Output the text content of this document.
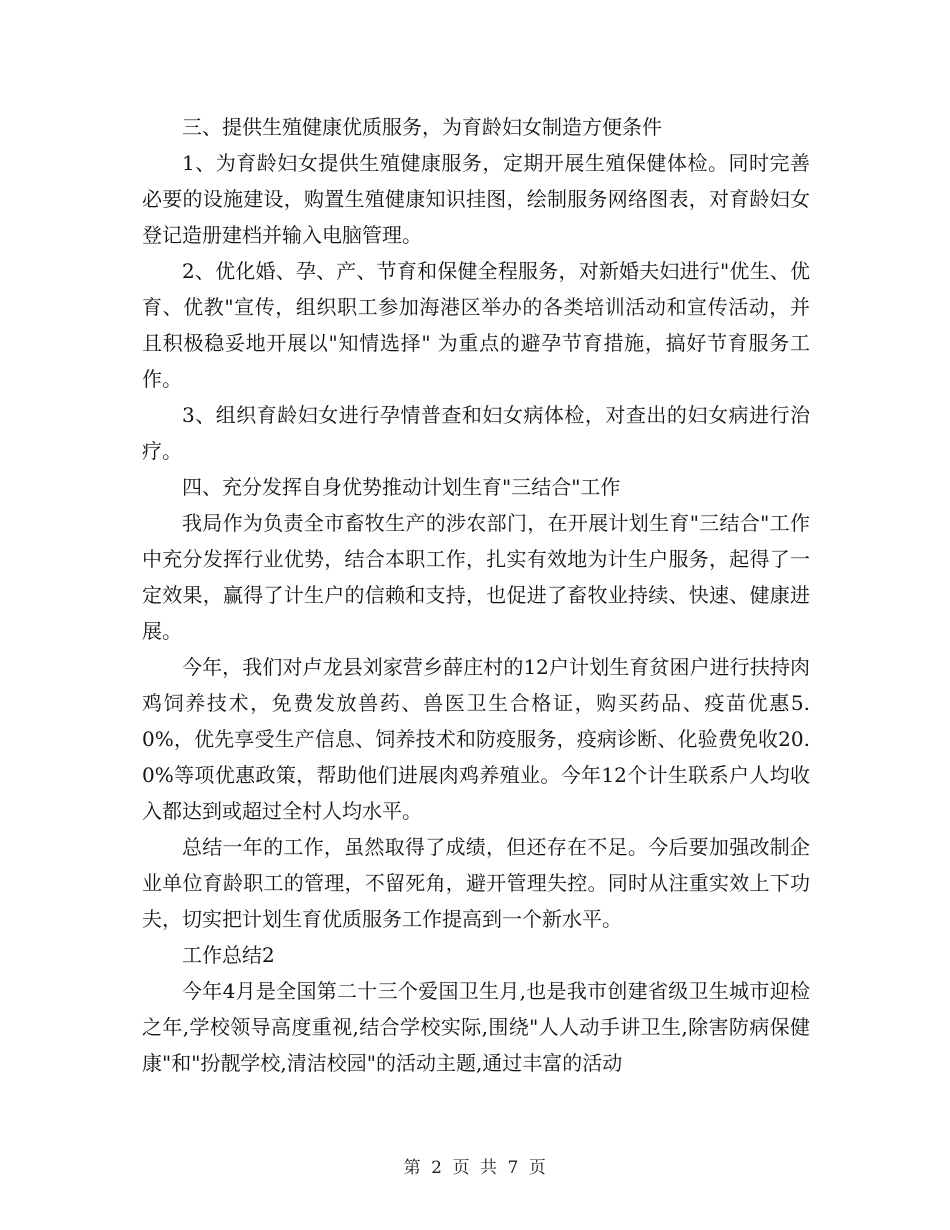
三、提供生殖健康优质服务，为育龄妇女制造方便条件

1、为育龄妇女提供生殖健康服务，定期开展生殖保健体检。同时完善必要的设施建设，购置生殖健康知识挂图，绘制服务网络图表，对育龄妇女登记造册建档并输入电脑管理。

2、优化婚、孕、产、节育和保健全程服务，对新婚夫妇进行"优生、优育、优教"宣传，组织职工参加海港区举办的各类培训活动和宣传活动，并且积极稳妥地开展以"知情选择" 为重点的避孕节育措施，搞好节育服务工作。

3、组织育龄妇女进行孕情普查和妇女病体检，对查出的妇女病进行治疗。

四、充分发挥自身优势推动计划生育"三结合"工作

我局作为负责全市畜牧生产的涉农部门，在开展计划生育"三结合"工作中充分发挥行业优势，结合本职工作，扎实有效地为计生户服务，起得了一定效果，赢得了计生户的信赖和支持，也促进了畜牧业持续、快速、健康进展。

今年，我们对卢龙县刘家营乡薛庄村的12户计划生育贫困户进行扶持肉鸡饲养技术，免费发放兽药、兽医卫生合格证，购买药品、疫苗优惠5.0%，优先享受生产信息、饲养技术和防疫服务，疫病诊断、化验费免收20.0%等项优惠政策，帮助他们进展肉鸡养殖业。今年12个计生联系户人均收入都达到或超过全村人均水平。

总结一年的工作，虽然取得了成绩，但还存在不足。今后要加强改制企业单位育龄职工的管理，不留死角，避开管理失控。同时从注重实效上下功夫，切实把计划生育优质服务工作提高到一个新水平。

工作总结2

今年4月是全国第二十三个爱国卫生月,也是我市创建省级卫生城市迎检之年,学校领导高度重视,结合学校实际,围绕"人人动手讲卫生,除害防病保健康"和"扮靓学校,清洁校园"的活动主题,通过丰富的活动

第 2 页 共 7 页
